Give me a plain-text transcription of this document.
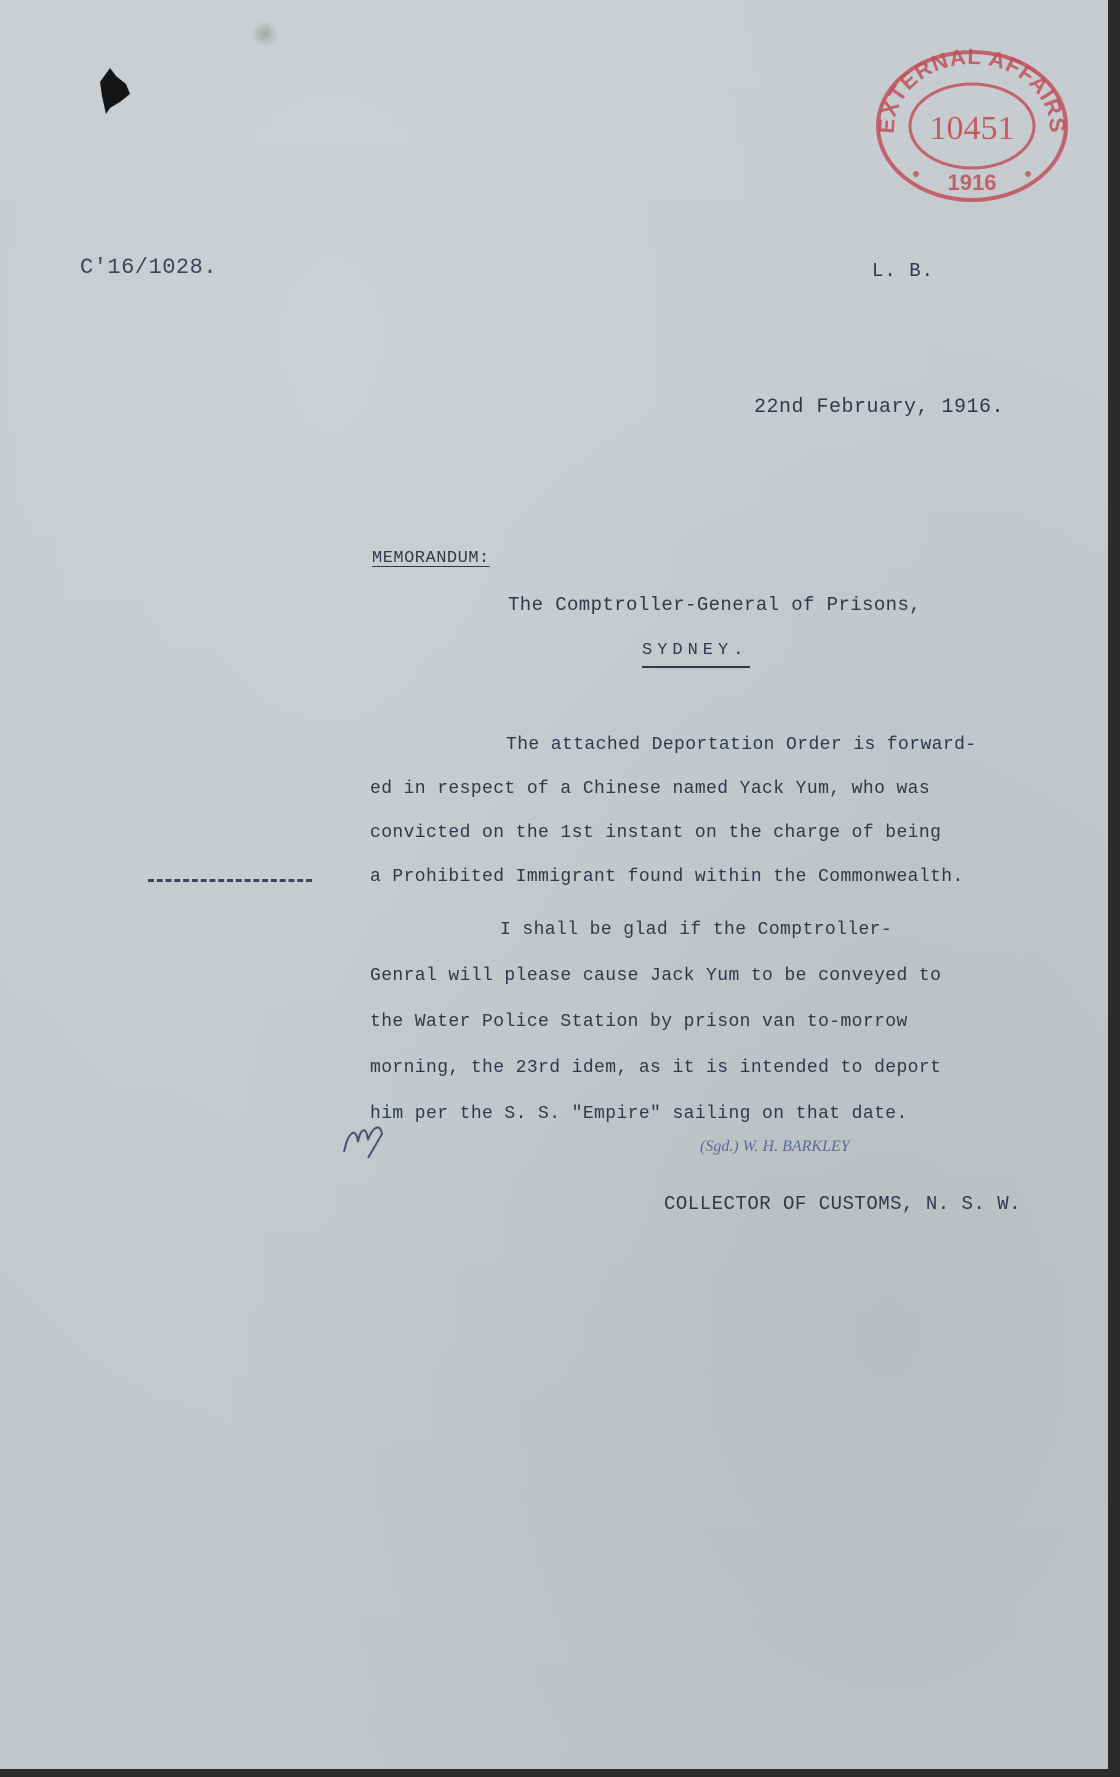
EXTERNAL AFFAIRS
10451
1916
C'16/1028.	L. B.
22nd February, 1916.
MEMORANDUM:
The Comptroller-General of Prisons,
SYDNEY.
The attached Deportation Order is forward-
ed in respect of a Chinese named Yack Yum, who was
convicted on the 1st instant on the charge of being
a Prohibited Immigrant found within the Commonwealth.
I shall be glad if the Comptroller-
Genral will please cause Jack Yum to be conveyed to
the Water Police Station by prison van to-morrow
morning, the 23rd idem, as it is intended to deport
him per the S. S. "Empire" sailing on that date.
(Sgd.) W. H. BARKLEY
COLLECTOR OF CUSTOMS, N. S. W.
